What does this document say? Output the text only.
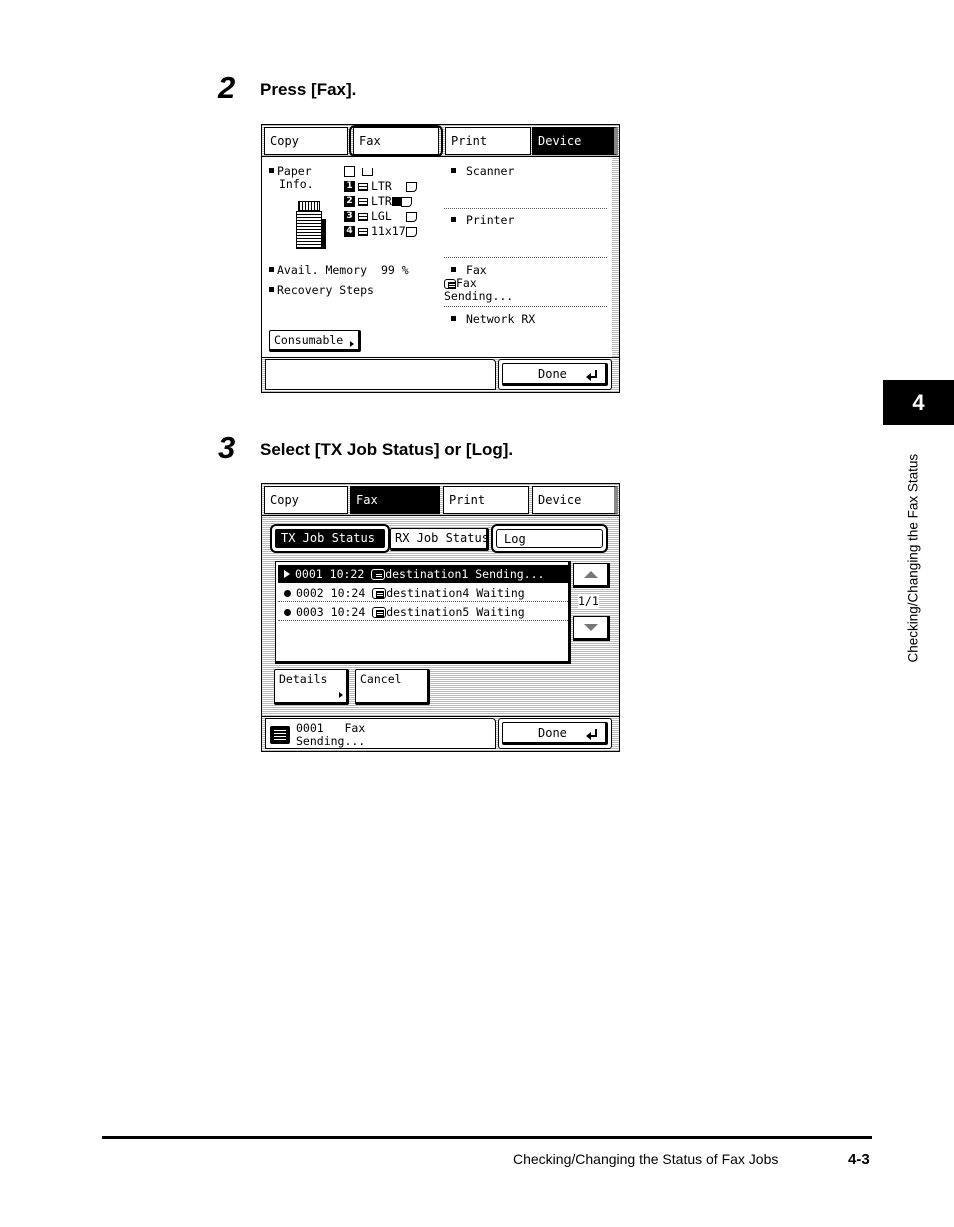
2 Press [Fax].
Copy	Fax	Print	Device
Paper
Info.
	1 LTR
2 LTR
3 LGL
4 11x17
Avail. Memory 99 %
Recovery Steps
Consumable
Scanner
Printer
Fax
Fax
Sending...
Network RX
Done
3 Select [TX Job Status] or [Log].
Copy	Fax	Print	Device
TX Job Status	RX Job Status	Log
0001 10:22 destination1 Sending...
0002 10:24 destination4 Waiting
0003 10:24 destination5 Waiting
1/1
Details	Cancel
0001 Fax
Sending...
Done
4
Checking/Changing the Fax Status
Checking/Changing the Status of Fax Jobs	4-3
